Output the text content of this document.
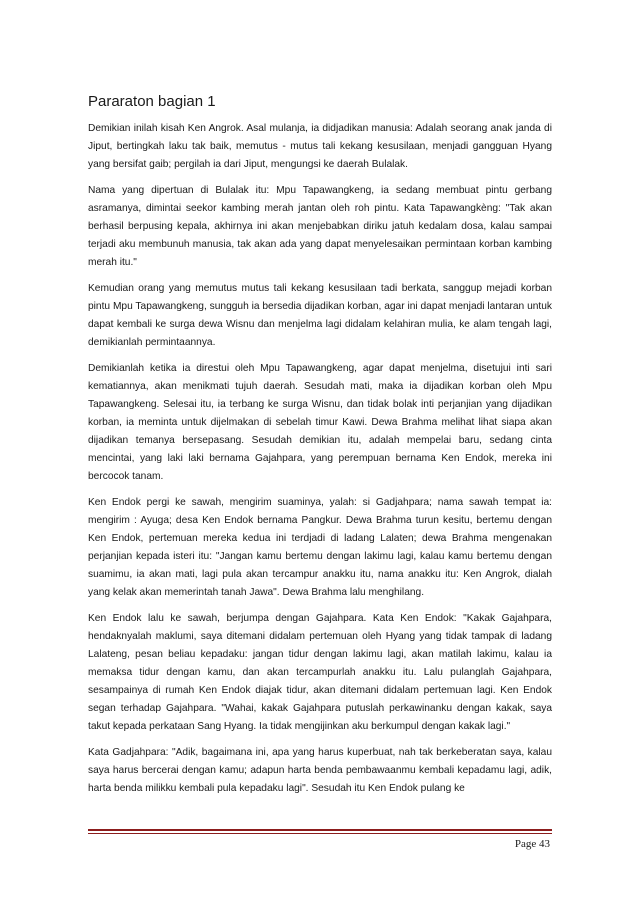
Pararaton bagian 1

Demikian inilah kisah Ken Angrok. Asal mulanja, ia didjadikan manusia: Adalah seorang anak janda di Jiput, bertingkah laku tak baik, memutus - mutus tali kekang kesusilaan, menjadi gangguan Hyang yang bersifat gaib; pergilah ia dari Jiput, mengungsi ke daerah Bulalak.

Nama yang dipertuan di Bulalak itu: Mpu Tapawangkeng, ia sedang membuat pintu gerbang asramanya, dimintai seekor kambing merah jantan oleh roh pintu. Kata Tapawangkèng: "Tak akan berhasil berpusing kepala, akhirnya ini akan menjebabkan diriku jatuh kedalam dosa, kalau sampai terjadi aku membunuh manusia, tak akan ada yang dapat menyelesaikan permintaan korban kambing merah itu."

Kemudian orang yang memutus mutus tali kekang kesusilaan tadi berkata, sanggup mejadi korban pintu Mpu Tapawangkeng, sungguh ia bersedia dijadikan korban, agar ini dapat menjadi lantaran untuk dapat kembali ke surga dewa Wisnu dan menjelma lagi didalam kelahiran mulia, ke alam tengah lagi, demikianlah permintaannya.

Demikianlah ketika ia direstui oleh Mpu Tapawangkeng, agar dapat menjelma, disetujui inti sari kematiannya, akan menikmati tujuh daerah. Sesudah mati, maka ia dijadikan korban oleh Mpu Tapawangkeng. Selesai itu, ia terbang ke surga Wisnu, dan tidak bolak inti perjanjian yang dijadikan korban, ia meminta untuk dijelmakan di sebelah timur Kawi. Dewa Brahma melihat lihat siapa akan dijadikan temanya bersepasang. Sesudah demikian itu, adalah mempelai baru, sedang cinta mencintai, yang laki laki bernama Gajahpara, yang perempuan bernama Ken Endok, mereka ini bercocok tanam.

Ken Endok pergi ke sawah, mengirim suaminya, yalah: si Gadjahpara; nama sawah tempat ia: mengirim : Ayuga; desa Ken Endok bernama Pangkur. Dewa Brahma turun kesitu, bertemu dengan Ken Endok, pertemuan mereka kedua ini terdjadi di ladang Lalaten; dewa Brahma mengenakan perjanjian kepada isteri itu: "Jangan kamu bertemu dengan lakimu lagi, kalau kamu bertemu dengan suamimu, ia akan mati, lagi pula akan tercampur anakku itu, nama anakku itu: Ken Angrok, dialah yang kelak akan memerintah tanah Jawa". Dewa Brahma lalu menghilang.

Ken Endok lalu ke sawah, berjumpa dengan Gajahpara. Kata Ken Endok: "Kakak Gajahpara, hendaknyalah maklumi, saya ditemani didalam pertemuan oleh Hyang yang tidak tampak di ladang Lalateng, pesan beliau kepadaku: jangan tidur dengan lakimu lagi, akan matilah lakimu, kalau ia memaksa tidur dengan kamu, dan akan tercampurlah anakku itu. Lalu pulanglah Gajahpara, sesampainya di rumah Ken Endok diajak tidur, akan ditemani didalam pertemuan lagi. Ken Endok segan terhadap Gajahpara. "Wahai, kakak Gajahpara putuslah perkawinanku dengan kakak, saya takut kepada perkataan Sang Hyang. Ia tidak mengijinkan aku berkumpul dengan kakak lagi."

Kata Gadjahpara: "Adik, bagaimana ini, apa yang harus kuperbuat, nah tak berkeberatan saya, kalau saya harus bercerai dengan kamu; adapun harta benda pembawaanmu kembali kepadamu lagi, adik, harta benda milikku kembali pula kepadaku lagi". Sesudah itu Ken Endok pulang ke

Page 43
